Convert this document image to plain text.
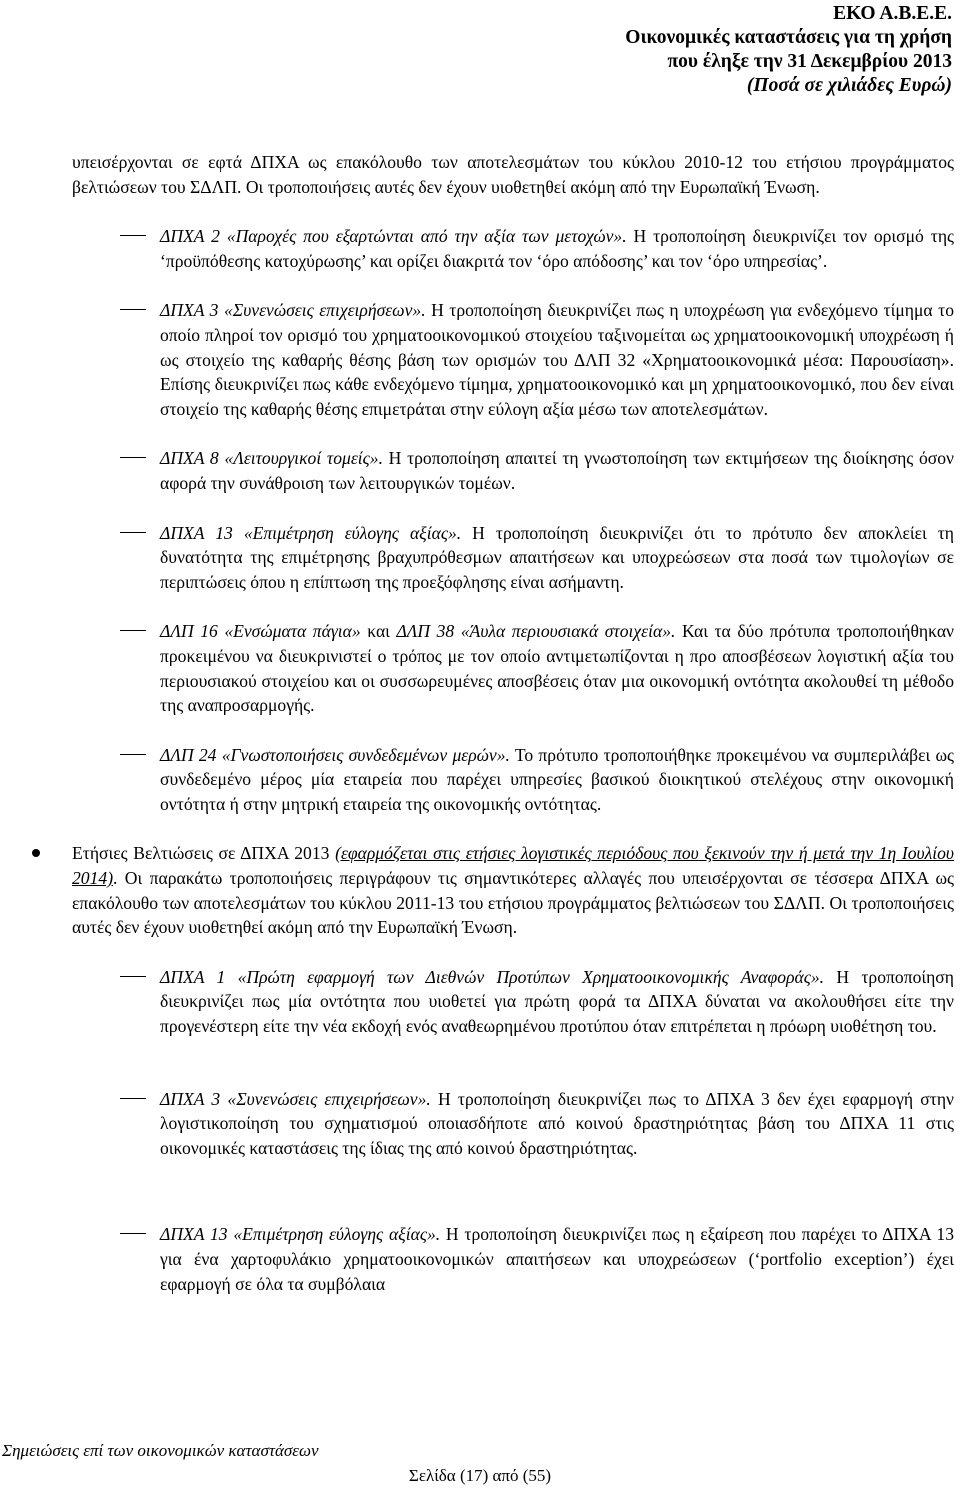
ΕΚΟ Α.Β.Ε.Ε.
Οικονομικές καταστάσεις για τη χρήση
που έληξε την 31 Δεκεμβρίου 2013
(Ποσά σε χιλιάδες Ευρώ)

υπεισέρχονται σε εφτά ΔΠΧΑ ως επακόλουθο των αποτελεσμάτων του κύκλου 2010-12 του ετήσιου προγράμματος βελτιώσεων του ΣΔΛΠ. Οι τροποποιήσεις αυτές δεν έχουν υιοθετηθεί ακόμη από την Ευρωπαϊκή Ένωση.

ΔΠΧΑ 2 «Παροχές που εξαρτώνται από την αξία των μετοχών». Η τροποποίηση διευκρινίζει τον ορισμό της ‘προϋπόθεσης κατοχύρωσης’ και ορίζει διακριτά τον ‘όρο απόδοσης’ και τον ‘όρο υπηρεσίας’.

ΔΠΧΑ 3 «Συνενώσεις επιχειρήσεων». Η τροποποίηση διευκρινίζει πως η υποχρέωση για ενδεχόμενο τίμημα το οποίο πληροί τον ορισμό του χρηματοοικονομικού στοιχείου ταξινομείται ως χρηματοοικονομική υποχρέωση ή ως στοιχείο της καθαρής θέσης βάση των ορισμών του ΔΛΠ 32 «Χρηματοοικονομικά μέσα: Παρουσίαση». Επίσης διευκρινίζει πως κάθε ενδεχόμενο τίμημα, χρηματοοικονομικό και μη χρηματοοικονομικό, που δεν είναι στοιχείο της καθαρής θέσης επιμετράται στην εύλογη αξία μέσω των αποτελεσμάτων.

ΔΠΧΑ 8 «Λειτουργικοί τομείς». Η τροποποίηση απαιτεί τη γνωστοποίηση των εκτιμήσεων της διοίκησης όσον αφορά την συνάθροιση των λειτουργικών τομέων.

ΔΠΧΑ 13 «Επιμέτρηση εύλογης αξίας». Η τροποποίηση διευκρινίζει ότι το πρότυπο δεν αποκλείει τη δυνατότητα της επιμέτρησης βραχυπρόθεσμων απαιτήσεων και υποχρεώσεων στα ποσά των τιμολογίων σε περιπτώσεις όπου η επίπτωση της προεξόφλησης είναι ασήμαντη.

ΔΛΠ 16 «Ενσώματα πάγια» και ΔΛΠ 38 «Άυλα περιουσιακά στοιχεία». Και τα δύο πρότυπα τροποποιήθηκαν προκειμένου να διευκρινιστεί ο τρόπος με τον οποίο αντιμετωπίζονται η προ αποσβέσεων λογιστική αξία του περιουσιακού στοιχείου και οι συσσωρευμένες αποσβέσεις όταν μια οικονομική οντότητα ακολουθεί τη μέθοδο της αναπροσαρμογής.

ΔΛΠ 24 «Γνωστοποιήσεις συνδεδεμένων μερών». Το πρότυπο τροποποιήθηκε προκειμένου να συμπεριλάβει ως συνδεδεμένο μέρος μία εταιρεία που παρέχει υπηρεσίες βασικού διοικητικού στελέχους στην οικονομική οντότητα ή στην μητρική εταιρεία της οικονομικής οντότητας.

Ετήσιες Βελτιώσεις σε ΔΠΧΑ 2013 (εφαρμόζεται στις ετήσιες λογιστικές περιόδους που ξεκινούν την ή μετά την 1η Ιουλίου 2014). Οι παρακάτω τροποποιήσεις περιγράφουν τις σημαντικότερες αλλαγές που υπεισέρχονται σε τέσσερα ΔΠΧΑ ως επακόλουθο των αποτελεσμάτων του κύκλου 2011-13 του ετήσιου προγράμματος βελτιώσεων του ΣΔΛΠ. Οι τροποποιήσεις αυτές δεν έχουν υιοθετηθεί ακόμη από την Ευρωπαϊκή Ένωση.

ΔΠΧΑ 1 «Πρώτη εφαρμογή των Διεθνών Προτύπων Χρηματοοικονομικής Αναφοράς». Η τροποποίηση διευκρινίζει πως μία οντότητα που υιοθετεί για πρώτη φορά τα ΔΠΧΑ δύναται να ακολουθήσει είτε την προγενέστερη είτε την νέα εκδοχή ενός αναθεωρημένου προτύπου όταν επιτρέπεται η πρόωρη υιοθέτηση του.

ΔΠΧΑ 3 «Συνενώσεις επιχειρήσεων». Η τροποποίηση διευκρινίζει πως το ΔΠΧΑ 3 δεν έχει εφαρμογή στην λογιστικοποίηση του σχηματισμού οποιασδήποτε από κοινού δραστηριότητας βάση του ΔΠΧΑ 11 στις οικονομικές καταστάσεις της ίδιας της από κοινού δραστηριότητας.

ΔΠΧΑ 13 «Επιμέτρηση εύλογης αξίας». Η τροποποίηση διευκρινίζει πως η εξαίρεση που παρέχει το ΔΠΧΑ 13 για ένα χαρτοφυλάκιο χρηματοοικονομικών απαιτήσεων και υποχρεώσεων (‘portfolio exception’) έχει εφαρμογή σε όλα τα συμβόλαια

Σημειώσεις επί των οικονομικών καταστάσεων
Σελίδα (17) από (55)
